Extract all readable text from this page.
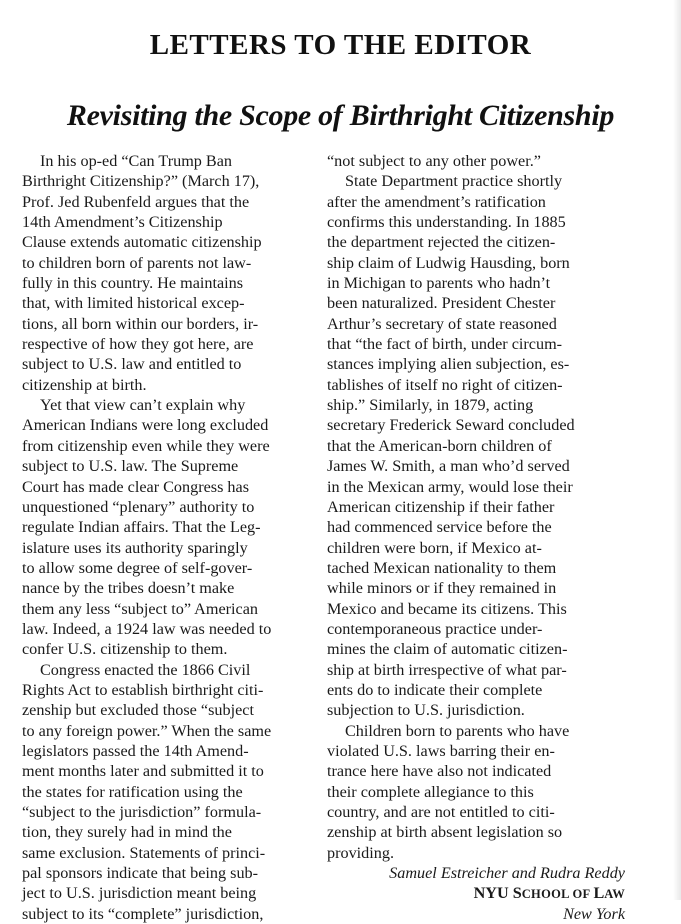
LETTERS TO THE EDITOR
Revisiting the Scope of Birthright Citizenship
In his op-ed “Can Trump Ban
Birthright Citizenship?” (March 17),
Prof. Jed Rubenfeld argues that the
14th Amendment’s Citizenship
Clause extends automatic citizenship
to children born of parents not law-
fully in this country. He maintains
that, with limited historical excep-
tions, all born within our borders, ir-
respective of how they got here, are
subject to U.S. law and entitled to
citizenship at birth.
Yet that view can’t explain why
American Indians were long excluded
from citizenship even while they were
subject to U.S. law. The Supreme
Court has made clear Congress has
unquestioned “plenary” authority to
regulate Indian affairs. That the Leg-
islature uses its authority sparingly
to allow some degree of self-gover-
nance by the tribes doesn’t make
them any less “subject to” American
law. Indeed, a 1924 law was needed to
confer U.S. citizenship to them.
Congress enacted the 1866 Civil
Rights Act to establish birthright citi-
zenship but excluded those “subject
to any foreign power.” When the same
legislators passed the 14th Amend-
ment months later and submitted it to
the states for ratification using the
“subject to the jurisdiction” formula-
tion, they surely had in mind the
same exclusion. Statements of princi-
pal sponsors indicate that being sub-
ject to U.S. jurisdiction meant being
subject to its “complete” jurisdiction,
“not subject to any other power.”
State Department practice shortly
after the amendment’s ratification
confirms this understanding. In 1885
the department rejected the citizen-
ship claim of Ludwig Hausding, born
in Michigan to parents who hadn’t
been naturalized. President Chester
Arthur’s secretary of state reasoned
that “the fact of birth, under circum-
stances implying alien subjection, es-
tablishes of itself no right of citizen-
ship.” Similarly, in 1879, acting
secretary Frederick Seward concluded
that the American-born children of
James W. Smith, a man who’d served
in the Mexican army, would lose their
American citizenship if their father
had commenced service before the
children were born, if Mexico at-
tached Mexican nationality to them
while minors or if they remained in
Mexico and became its citizens. This
contemporaneous practice under-
mines the claim of automatic citizen-
ship at birth irrespective of what par-
ents do to indicate their complete
subjection to U.S. jurisdiction.
Children born to parents who have
violated U.S. laws barring their en-
trance here have also not indicated
their complete allegiance to this
country, and are not entitled to citi-
zenship at birth absent legislation so
providing.
Samuel Estreicher and Rudra Reddy
NYU SCHOOL OF LAW
New York
